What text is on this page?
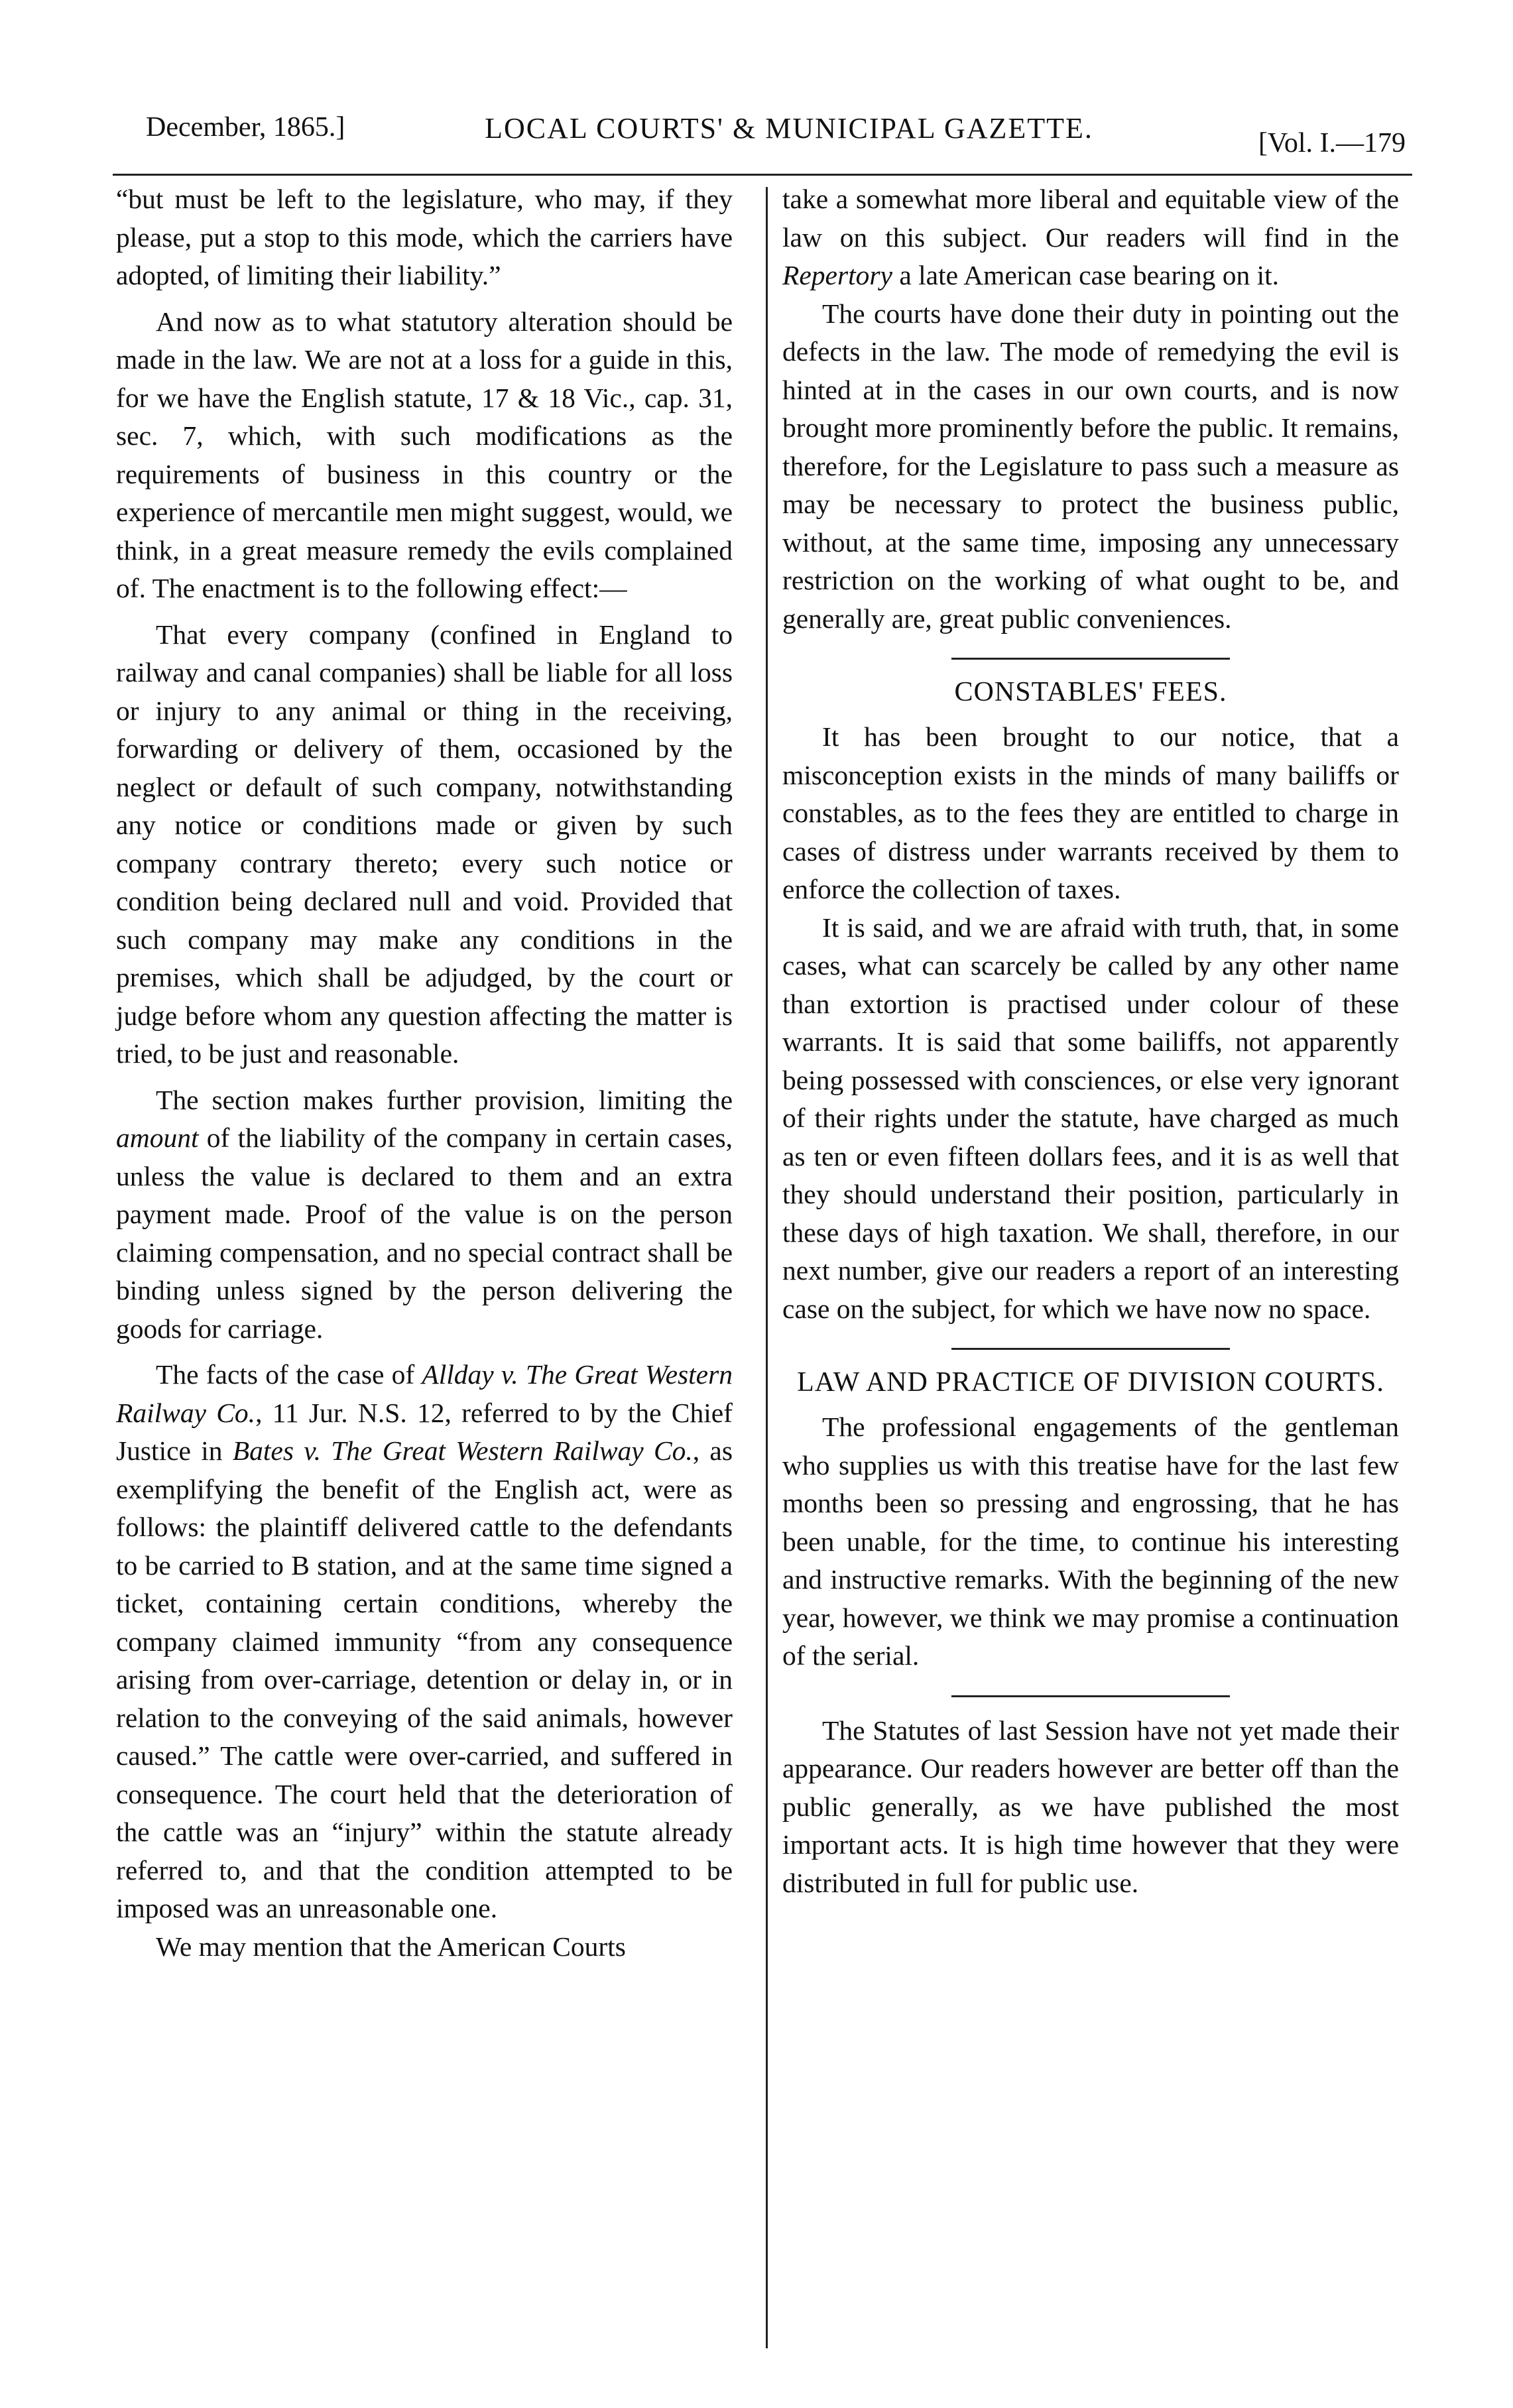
December, 1865.]	LOCAL COURTS' & MUNICIPAL GAZETTE.	[Vol. I.—179

“but must be left to the legislature, who may, if they please, put a stop to this mode, which the carriers have adopted, of limiting their liability.”

And now as to what statutory alteration should be made in the law. We are not at a loss for a guide in this, for we have the English statute, 17 & 18 Vic., cap. 31, sec. 7, which, with such modifications as the requirements of business in this country or the experience of mercantile men might suggest, would, we think, in a great measure remedy the evils complained of. The enactment is to the following effect:—

That every company (confined in England to railway and canal companies) shall be liable for all loss or injury to any animal or thing in the receiving, forwarding or delivery of them, occasioned by the neglect or default of such company, notwithstanding any notice or conditions made or given by such company contrary thereto; every such notice or condition being declared null and void. Provided that such company may make any conditions in the premises, which shall be adjudged, by the court or judge before whom any question affecting the matter is tried, to be just and reasonable.

The section makes further provision, limiting the amount of the liability of the company in certain cases, unless the value is declared to them and an extra payment made. Proof of the value is on the person claiming compensation, and no special contract shall be binding unless signed by the person delivering the goods for carriage.

The facts of the case of Allday v. The Great Western Railway Co., 11 Jur. N.S. 12, referred to by the Chief Justice in Bates v. The Great Western Railway Co., as exemplifying the benefit of the English act, were as follows: the plaintiff delivered cattle to the defendants to be carried to B station, and at the same time signed a ticket, containing certain conditions, whereby the company claimed immunity “from any consequence arising from over-carriage, detention or delay in, or in relation to the conveying of the said animals, however caused.” The cattle were over-carried, and suffered in consequence. The court held that the deterioration of the cattle was an “injury” within the statute already referred to, and that the condition attempted to be imposed was an unreasonable one.

We may mention that the American Courts

take a somewhat more liberal and equitable view of the law on this subject. Our readers will find in the Repertory a late American case bearing on it.

The courts have done their duty in pointing out the defects in the law. The mode of remedying the evil is hinted at in the cases in our own courts, and is now brought more prominently before the public. It remains, therefore, for the Legislature to pass such a measure as may be necessary to protect the business public, without, at the same time, imposing any unnecessary restriction on the working of what ought to be, and generally are, great public conveniences.

CONSTABLES' FEES.

It has been brought to our notice, that a misconception exists in the minds of many bailiffs or constables, as to the fees they are entitled to charge in cases of distress under warrants received by them to enforce the collection of taxes.

It is said, and we are afraid with truth, that, in some cases, what can scarcely be called by any other name than extortion is practised under colour of these warrants. It is said that some bailiffs, not apparently being possessed with consciences, or else very ignorant of their rights under the statute, have charged as much as ten or even fifteen dollars fees, and it is as well that they should understand their position, particularly in these days of high taxation. We shall, therefore, in our next number, give our readers a report of an interesting case on the subject, for which we have now no space.

LAW AND PRACTICE OF DIVISION COURTS.

The professional engagements of the gentleman who supplies us with this treatise have for the last few months been so pressing and engrossing, that he has been unable, for the time, to continue his interesting and instructive remarks. With the beginning of the new year, however, we think we may promise a continuation of the serial.

The Statutes of last Session have not yet made their appearance. Our readers however are better off than the public generally, as we have published the most important acts. It is high time however that they were distributed in full for public use.
